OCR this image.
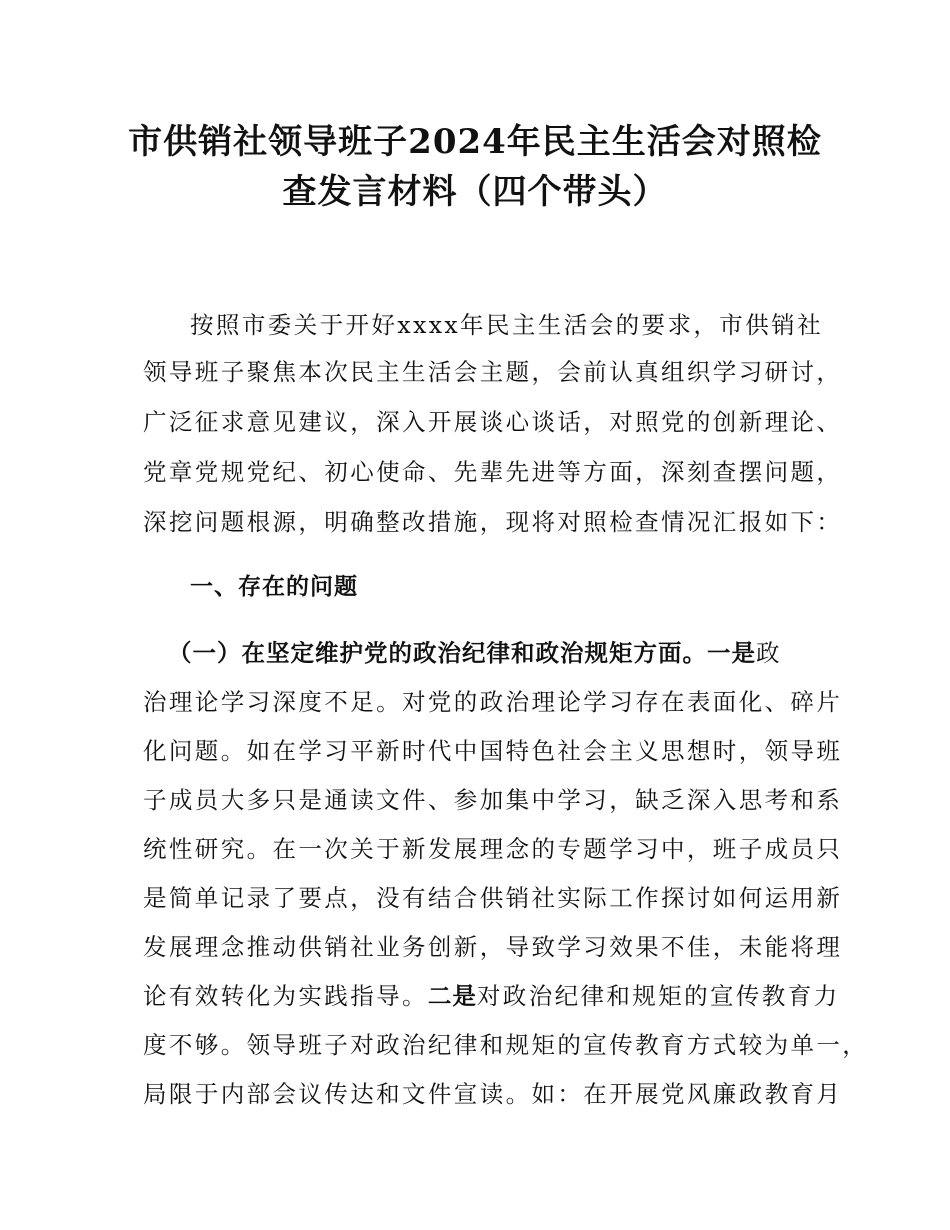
市供销社领导班子2024年民主生活会对照检
查发言材料（四个带头）
按照市委关于开好xxxx年民主生活会的要求，市供销社
领导班子聚焦本次民主生活会主题，会前认真组织学习研讨，
广泛征求意见建议，深入开展谈心谈话，对照党的创新理论、
党章党规党纪、初心使命、先辈先进等方面，深刻查摆问题，
深挖问题根源，明确整改措施，现将对照检查情况汇报如下：
一、存在的问题
（一）在坚定维护党的政治纪律和政治规矩方面。一是政
治理论学习深度不足。对党的政治理论学习存在表面化、碎片
化问题。如在学习平新时代中国特色社会主义思想时，领导班
子成员大多只是通读文件、参加集中学习，缺乏深入思考和系
统性研究。在一次关于新发展理念的专题学习中，班子成员只
是简单记录了要点，没有结合供销社实际工作探讨如何运用新
发展理念推动供销社业务创新，导致学习效果不佳，未能将理
论有效转化为实践指导。二是对政治纪律和规矩的宣传教育力
度不够。领导班子对政治纪律和规矩的宣传教育方式较为单一，
局限于内部会议传达和文件宣读。如：在开展党风廉政教育月
